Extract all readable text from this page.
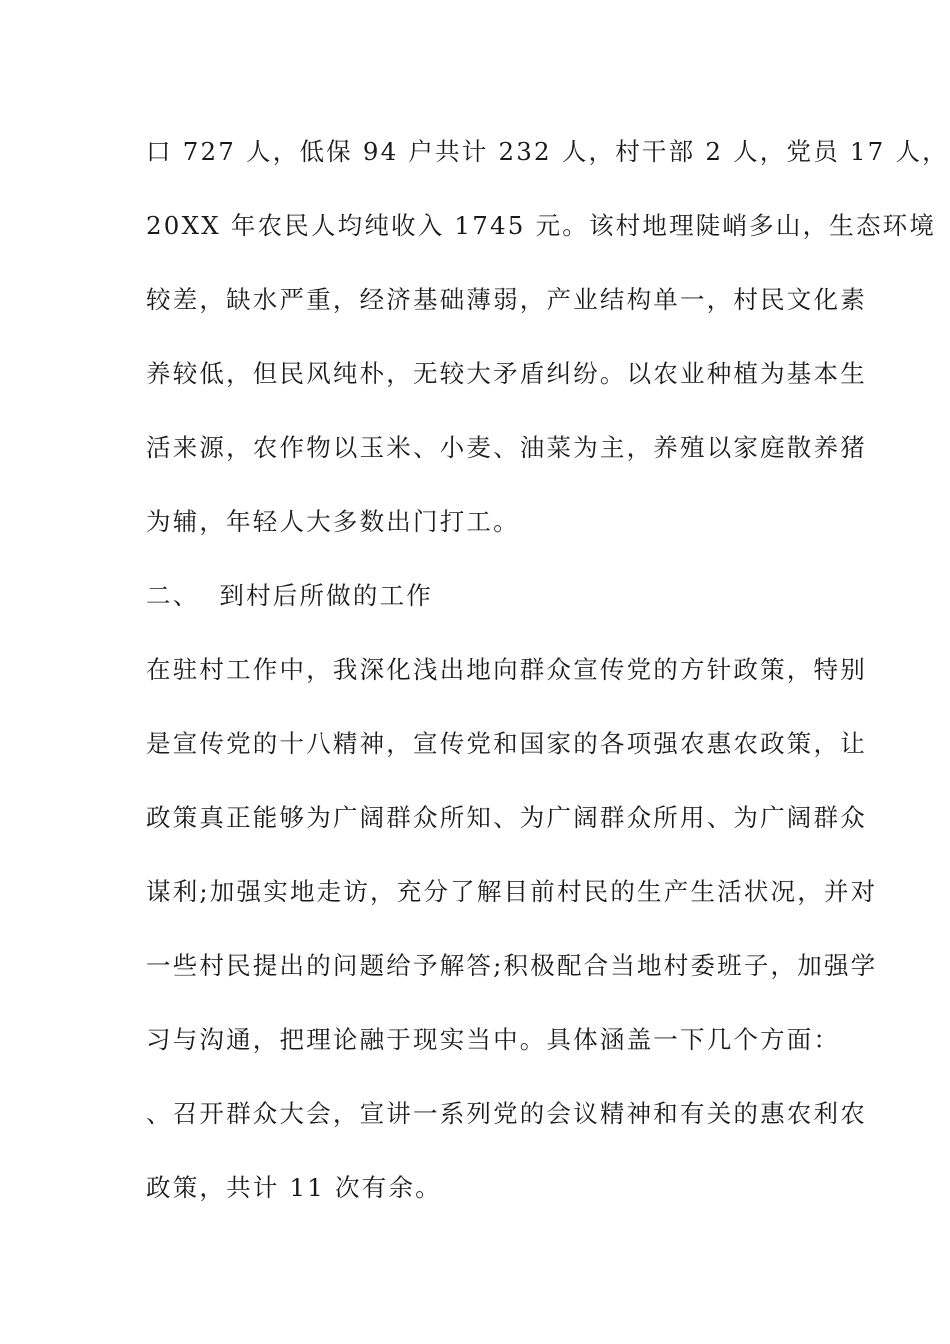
口 727 人，低保 94 户共计 232 人，村干部 2 人，党员 17 人，
20XX 年农民人均纯收入 1745 元。该村地理陡峭多山，生态环境
较差，缺水严重，经济基础薄弱，产业结构单一，村民文化素
养较低，但民风纯朴，无较大矛盾纠纷。以农业种植为基本生
活来源，农作物以玉米、小麦、油菜为主，养殖以家庭散养猪
为辅，年轻人大多数出门打工。
二、  到村后所做的工作
在驻村工作中，我深化浅出地向群众宣传党的方针政策，特别
是宣传党的十八精神，宣传党和国家的各项强农惠农政策，让
政策真正能够为广阔群众所知、为广阔群众所用、为广阔群众
谋利;加强实地走访，充分了解目前村民的生产生活状况，并对
一些村民提出的问题给予解答;积极配合当地村委班子，加强学
习与沟通，把理论融于现实当中。具体涵盖一下几个方面：
、召开群众大会，宣讲一系列党的会议精神和有关的惠农利农
政策，共计 11 次有余。
